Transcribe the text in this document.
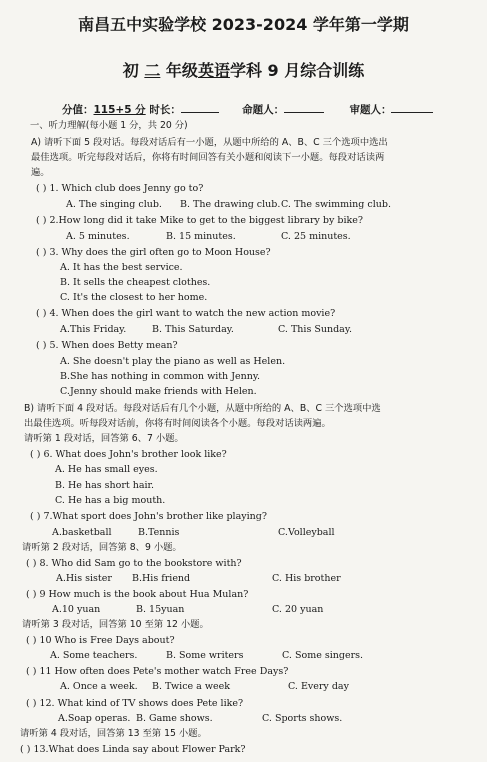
南昌五中实验学校 2023-2024 学年第一学期
初 二 年级英语学科 9 月综合训练
分值：115+5 分 时长：	命题人：	审题人：
一、听力理解(每小题 1 分，共 20 分)
A) 请听下面 5 段对话。每段对话后有一小题，从题中所给的 A、B、C 三个选项中选出
最佳选项。听完每段对话后，你将有时间回答有关小题和阅读下一小题。每段对话读两
遍。
( ) 1. Which club does Jenny go to?
A. The singing club. B. The drawing club. C. The swimming club.
( ) 2.How long did it take Mike to get to the biggest library by bike?
A. 5 minutes.	B. 15 minutes.	C. 25 minutes.
( ) 3. Why does the girl often go to Moon House?
A. It has the best service.
B. It sells the cheapest clothes.
C. It's the closest to her home.
( ) 4. When does the girl want to watch the new action movie?
A.This Friday.	B. This Saturday.	C. This Sunday.
( ) 5. When does Betty mean?
A. She doesn't play the piano as well as Helen.
B.She has nothing in common with Jenny.
C.Jenny should make friends with Helen.
B) 请听下面 4 段对话。每段对话后有几个小题，从题中所给的 A、B、C 三个选项中选
出最佳选项。听每段对话前，你将有时间阅读各个小题。每段对话读两遍。
请听第 1 段对话，回答第 6、7 小题。
( ) 6. What does John's brother look like?
A. He has small eyes.
B. He has short hair.
C. He has a big mouth.
( ) 7.What sport does John's brother like playing?
A.basketball	B.Tennis	C.Volleyball
请听第 2 段对话，回答第 8、9 小题。
( ) 8. Who did Sam go to the bookstore with?
A.His sister B.His friend	C. His brother
( ) 9 How much is the book about Hua Mulan?
A.10 yuan	B. 15yuan	C. 20 yuan
请听第 3 段对话，回答第 10 至第 12 小题。
( ) 10 Who is Free Days about?
A. Some teachers.	B. Some writers	C. Some singers.
( ) 11 How often does Pete's mother watch Free Days?
A. Once a week. B. Twice a week	C. Every day
( ) 12. What kind of TV shows does Pete like?
A.Soap operas. B. Game shows.	C. Sports shows.
请听第 4 段对话，回答第 13 至第 15 小题。
( ) 13.What does Linda say about Flower Park?
